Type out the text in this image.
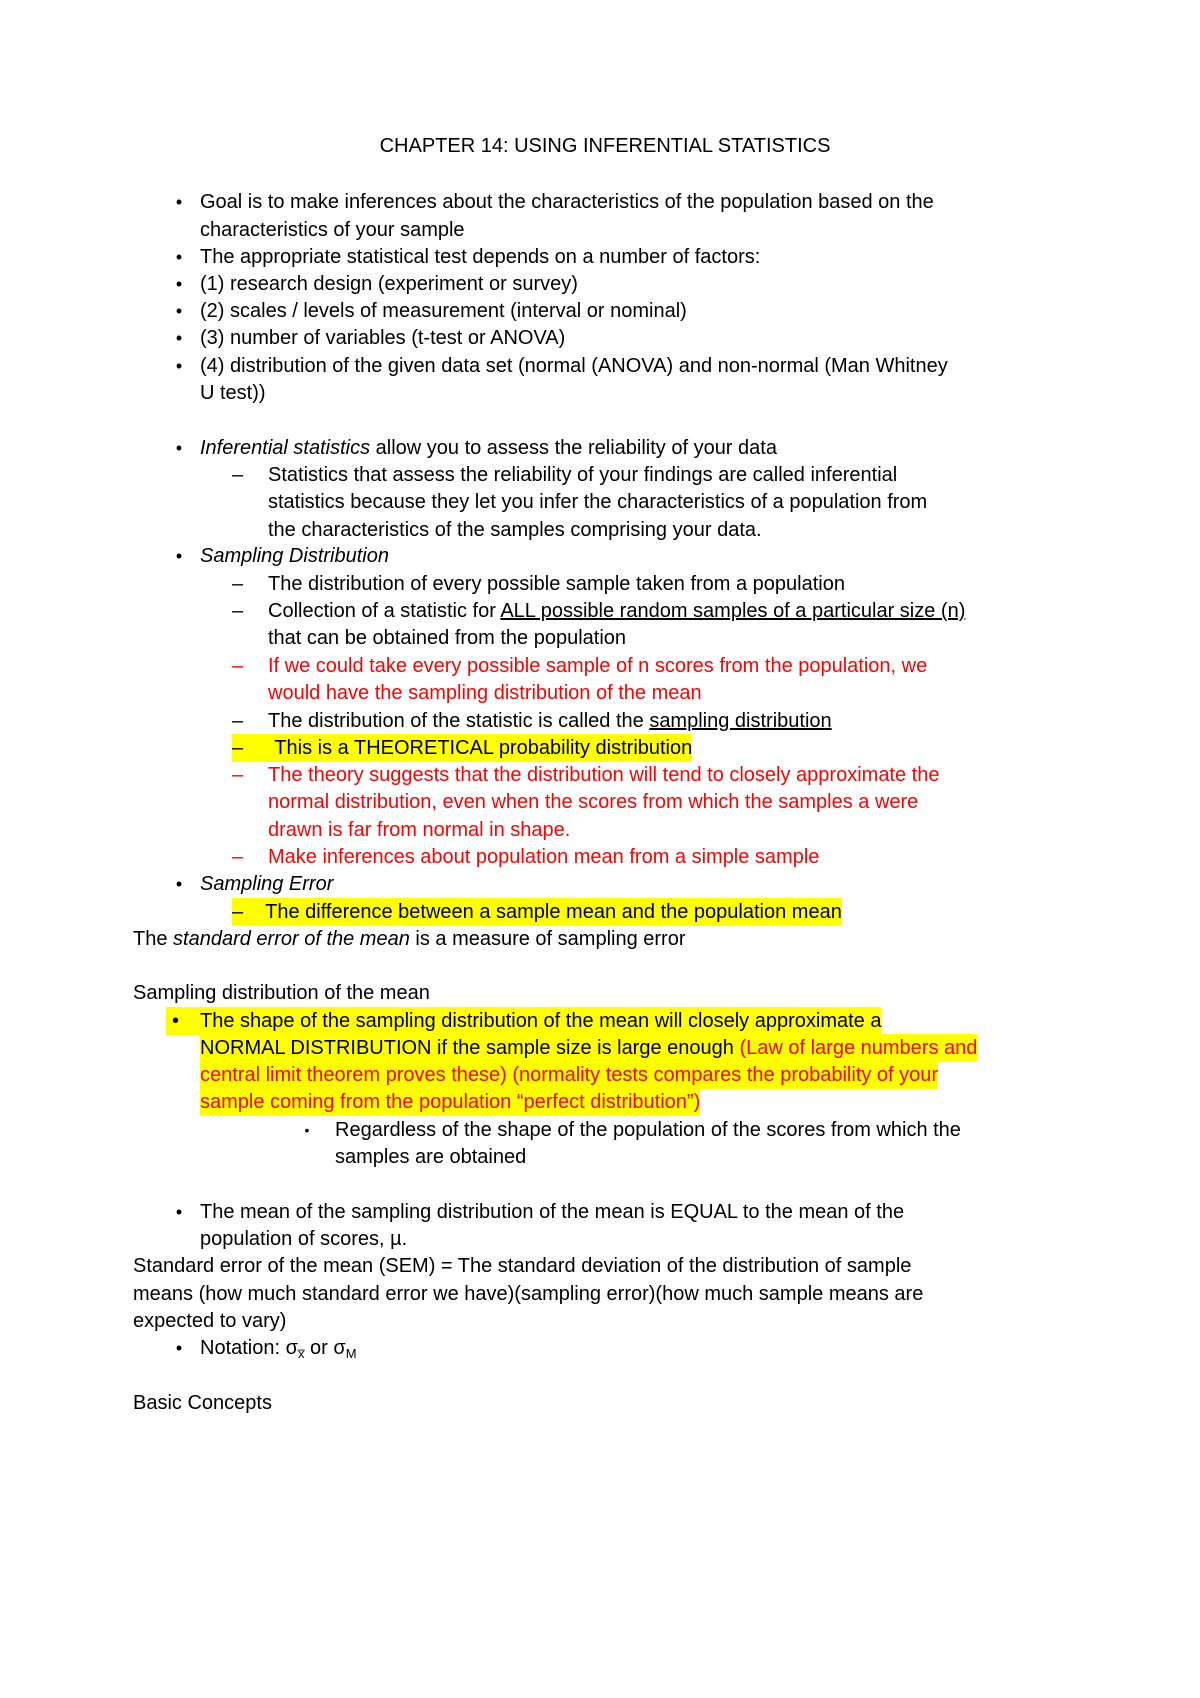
CHAPTER 14: USING INFERENTIAL STATISTICS
• Goal is to make inferences about the characteristics of the population based on the
characteristics of your sample
• The appropriate statistical test depends on a number of factors:
• (1) research design (experiment or survey)
• (2) scales / levels of measurement (interval or nominal)
• (3) number of variables (t-test or ANOVA)
• (4) distribution of the given data set (normal (ANOVA) and non-normal (Man Whitney
U test))
• Inferential statistics allow you to assess the reliability of your data
– Statistics that assess the reliability of your findings are called inferential
statistics because they let you infer the characteristics of a population from
the characteristics of the samples comprising your data.
• Sampling Distribution
– The distribution of every possible sample taken from a population
– Collection of a statistic for ALL possible random samples of a particular size (n)
that can be obtained from the population
– If we could take every possible sample of n scores from the population, we
would have the sampling distribution of the mean
– The distribution of the statistic is called the sampling distribution
– This is a THEORETICAL probability distribution
– The theory suggests that the distribution will tend to closely approximate the
normal distribution, even when the scores from which the samples a were
drawn is far from normal in shape.
– Make inferences about population mean from a simple sample
• Sampling Error
– The difference between a sample mean and the population mean
The standard error of the mean is a measure of sampling error
Sampling distribution of the mean
• The shape of the sampling distribution of the mean will closely approximate a
NORMAL DISTRIBUTION if the sample size is large enough (Law of large numbers and
central limit theorem proves these) (normality tests compares the probability of your
sample coming from the population “perfect distribution”)
• Regardless of the shape of the population of the scores from which the
samples are obtained
• The mean of the sampling distribution of the mean is EQUAL to the mean of the
population of scores, µ.
Standard error of the mean (SEM) = The standard deviation of the distribution of sample
means (how much standard error we have)(sampling error)(how much sample means are
expected to vary)
• Notation: $\sigma_{x̅}$ or $\sigma_M$
Basic Concepts
